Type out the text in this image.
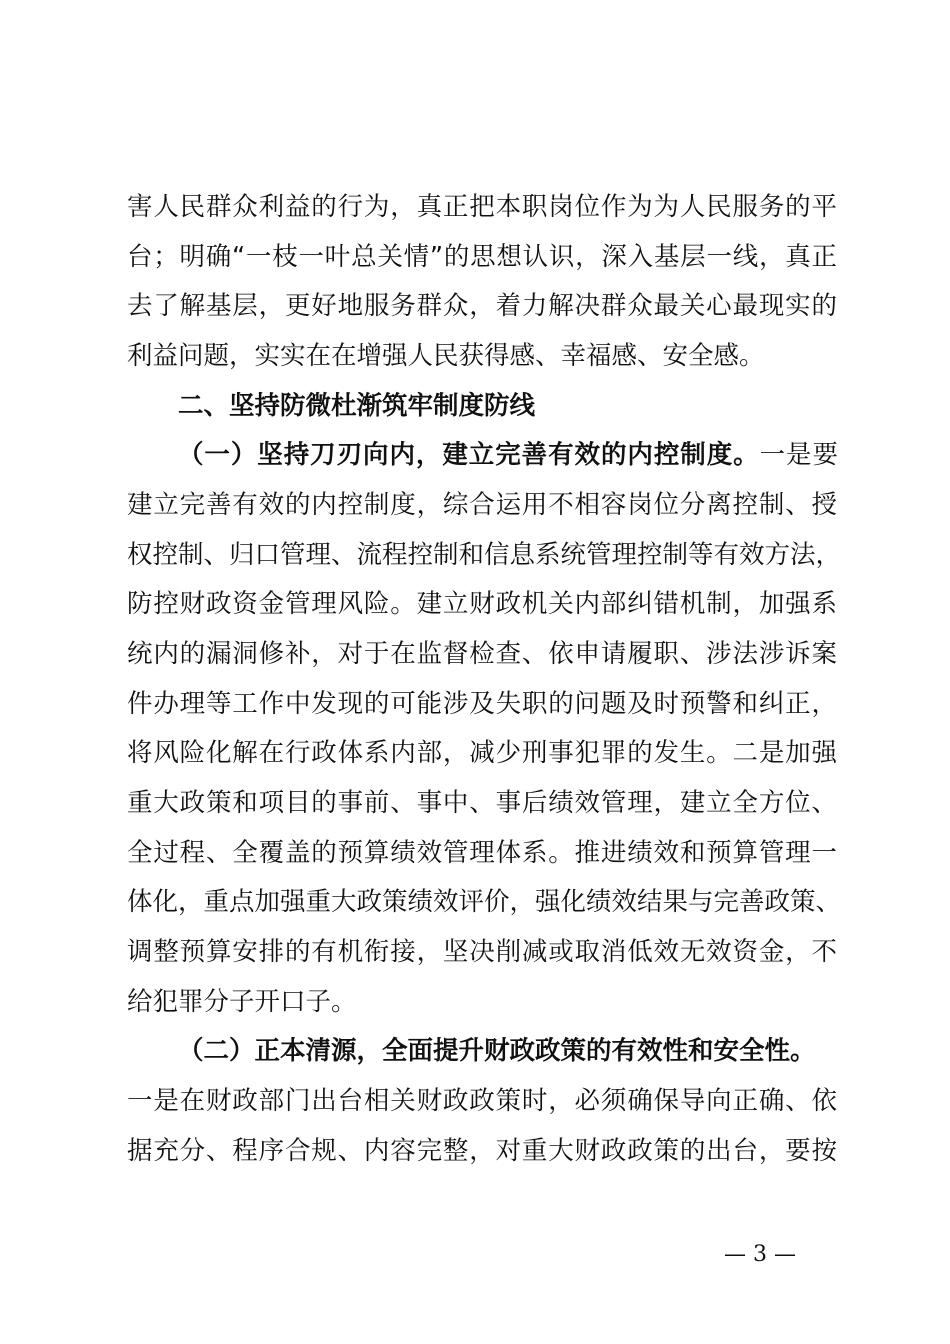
害人民群众利益的行为，真正把本职岗位作为为人民服务的平
台；明确“一枝一叶总关情”的思想认识，深入基层一线，真正
去了解基层，更好地服务群众，着力解决群众最关心最现实的
利益问题，实实在在增强人民获得感、幸福感、安全感。
二、坚持防微杜渐筑牢制度防线
（一）坚持刀刃向内，建立完善有效的内控制度。一是要
建立完善有效的内控制度，综合运用不相容岗位分离控制、授
权控制、归口管理、流程控制和信息系统管理控制等有效方法，
防控财政资金管理风险。建立财政机关内部纠错机制，加强系
统内的漏洞修补，对于在监督检查、依申请履职、涉法涉诉案
件办理等工作中发现的可能涉及失职的问题及时预警和纠正，
将风险化解在行政体系内部，减少刑事犯罪的发生。二是加强
重大政策和项目的事前、事中、事后绩效管理，建立全方位、
全过程、全覆盖的预算绩效管理体系。推进绩效和预算管理一
体化，重点加强重大政策绩效评价，强化绩效结果与完善政策、
调整预算安排的有机衔接，坚决削减或取消低效无效资金，不
给犯罪分子开口子。
（二）正本清源，全面提升财政政策的有效性和安全性。
一是在财政部门出台相关财政政策时，必须确保导向正确、依
据充分、程序合规、内容完整，对重大财政政策的出台，要按
— 3 —
